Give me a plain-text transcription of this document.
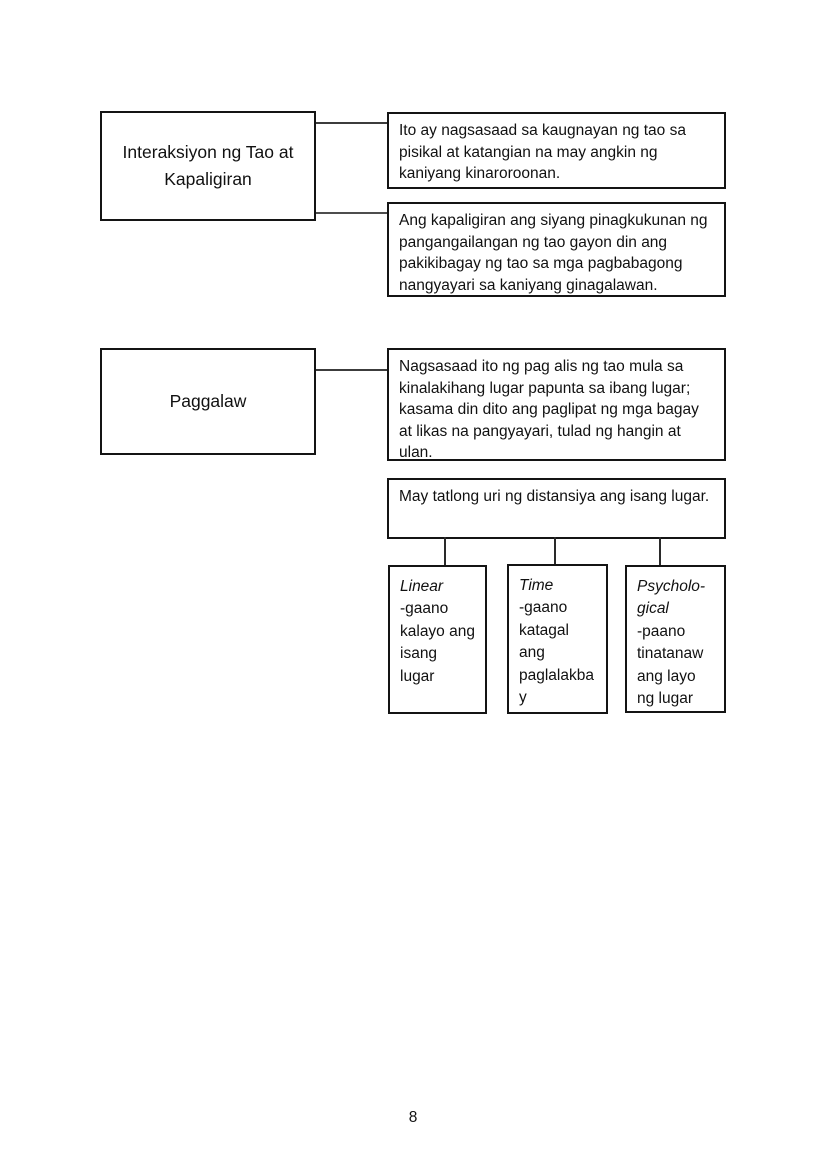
Interaksiyon ng Tao at Kapaligiran
Ito ay nagsasaad sa kaugnayan ng tao sa pisikal at katangian na may angkin ng kaniyang kinaroroonan.
Ang kapaligiran ang siyang pinagkukunan ng pangangailangan ng tao gayon din ang pakikibagay ng tao sa mga pagbabagong nangyayari sa kaniyang ginagalawan.
Paggalaw
Nagsasaad ito ng pag alis ng tao mula sa kinalakihang lugar papunta sa ibang lugar; kasama din dito ang paglipat ng mga bagay at likas na pangyayari, tulad ng hangin at ulan.
May tatlong uri ng distansiya ang isang lugar.
Linear
-gaano kalayo ang isang lugar
Time
-gaano katagal ang paglalakbay
Psycholo-gical
-paano tinatanaw ang layo ng lugar
8
